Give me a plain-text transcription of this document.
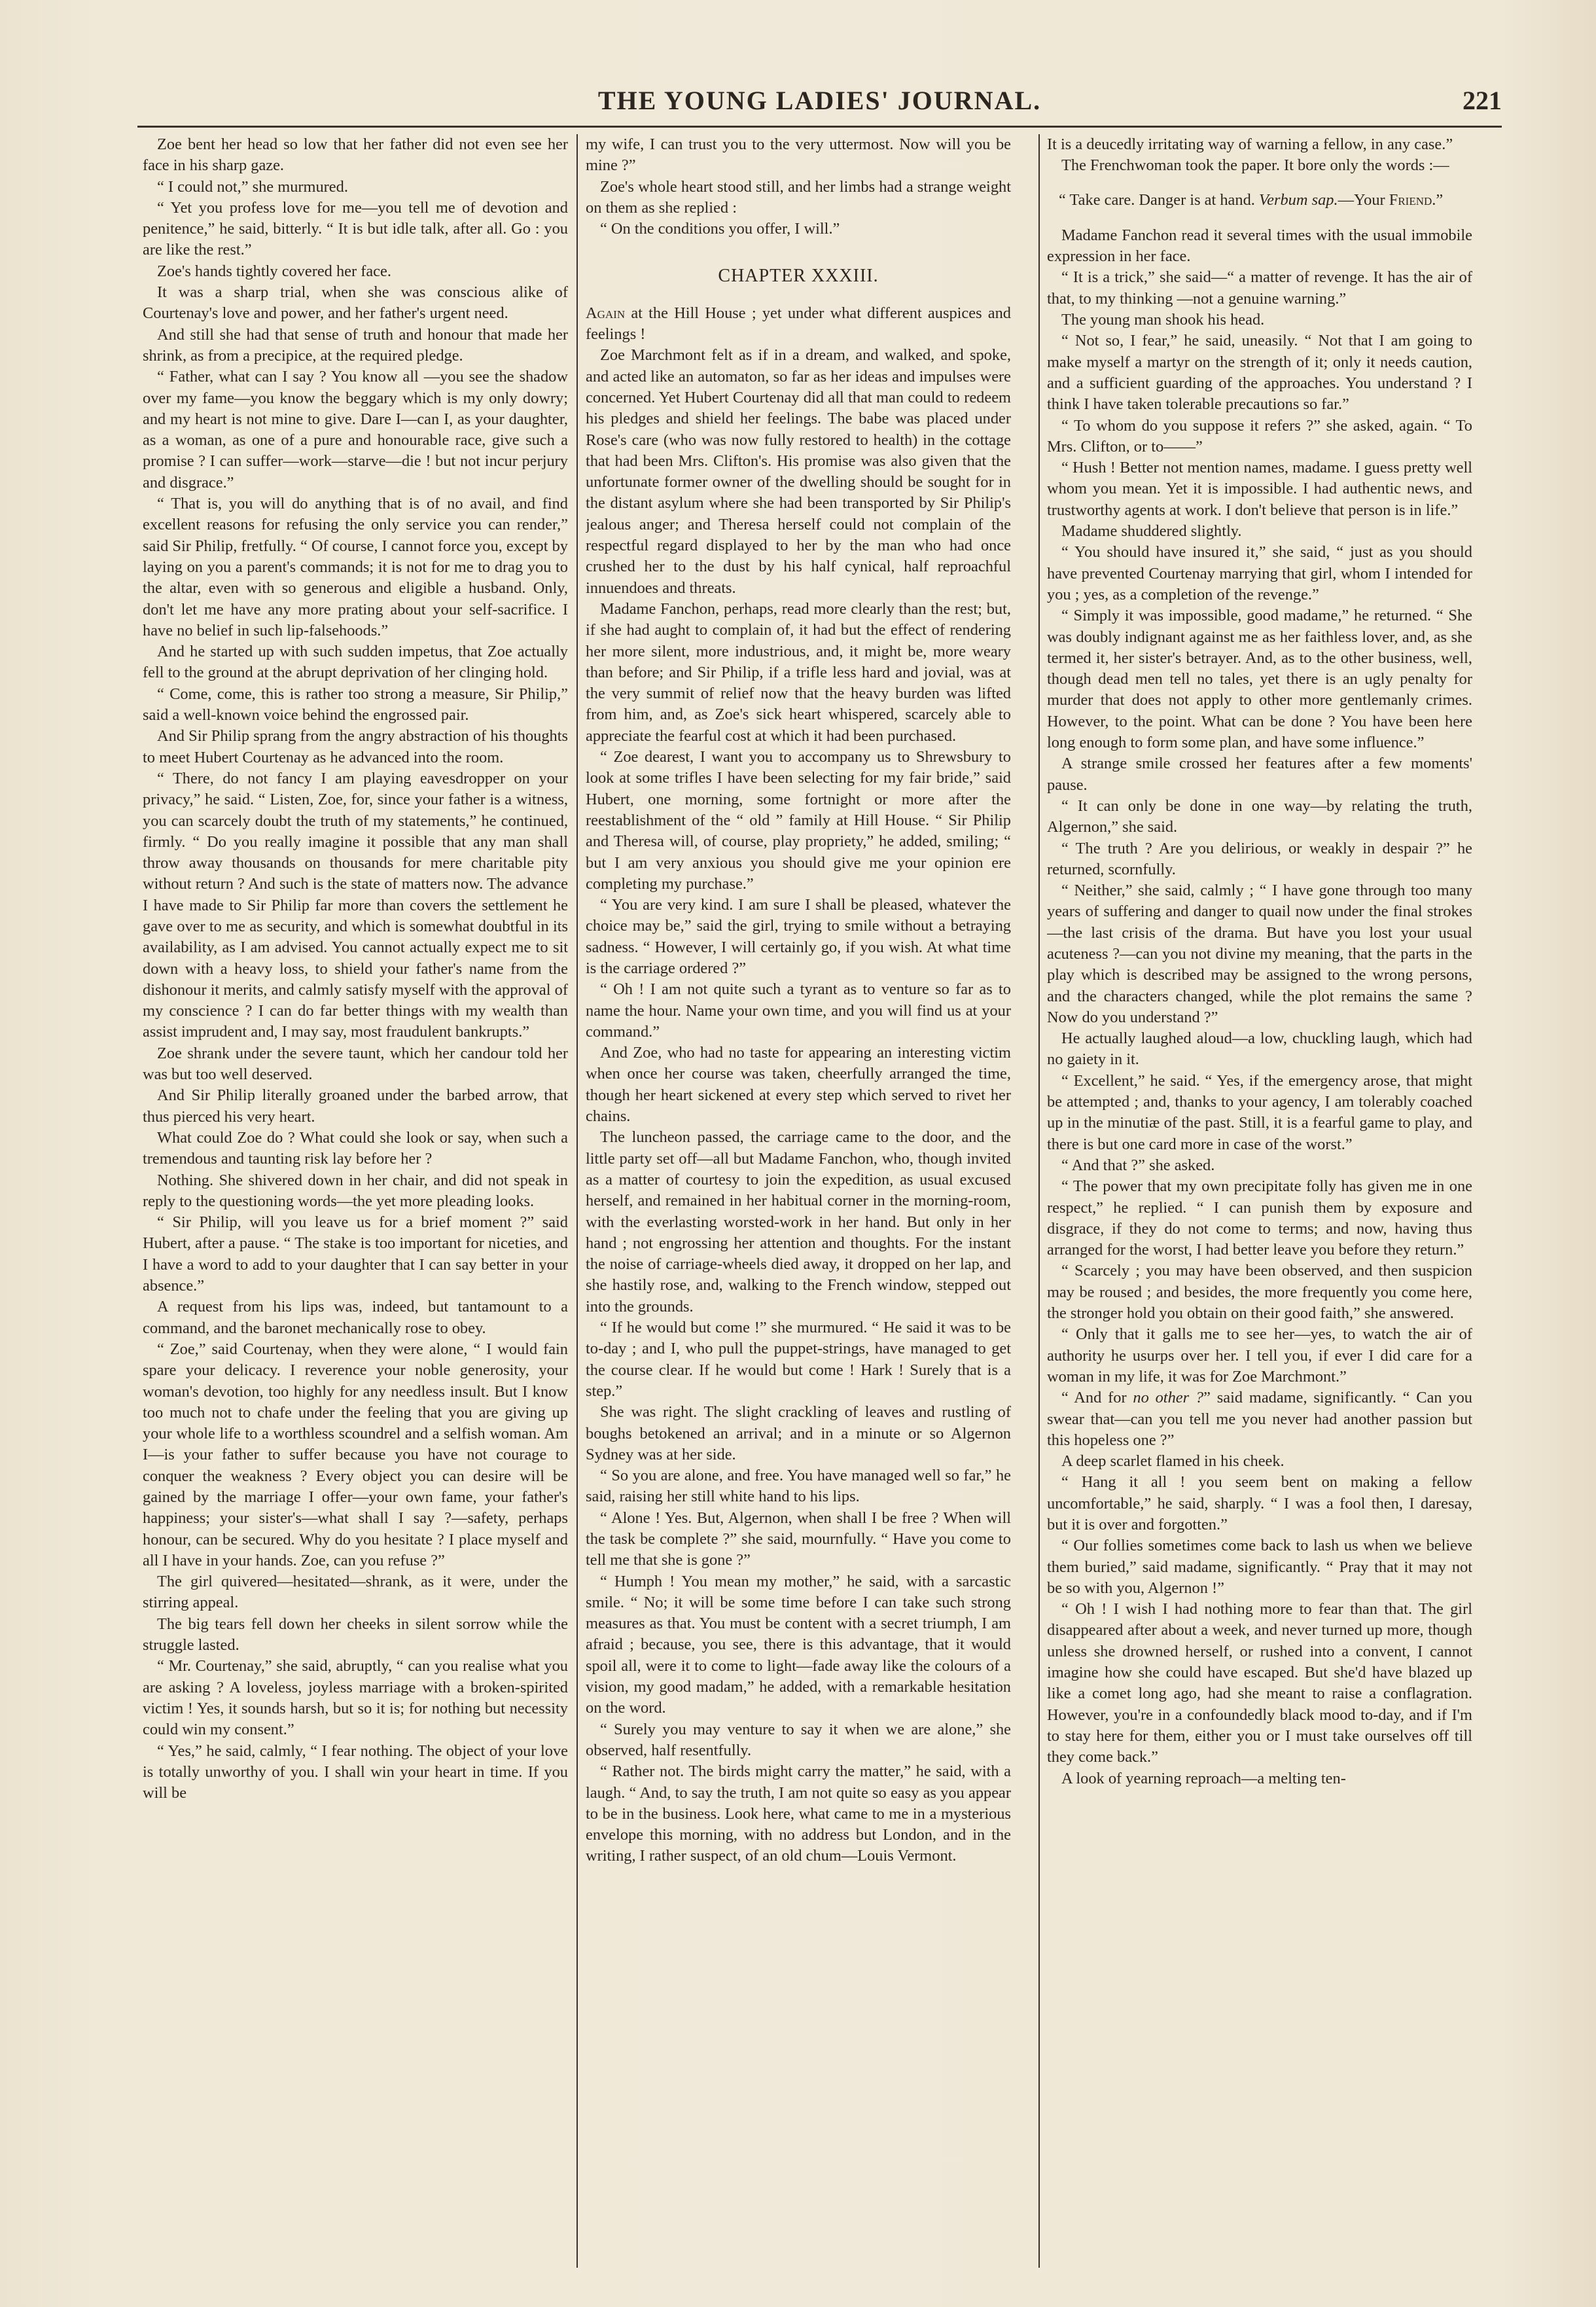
THE YOUNG LADIES' JOURNAL.	221

Zoe bent her head so low that her father did not even see her face in his sharp gaze.

“ I could not,” she murmured.

“ Yet you profess love for me—you tell me of devotion and penitence,” he said, bitterly. “ It is but idle talk, after all. Go : you are like the rest.”

Zoe's hands tightly covered her face.

It was a sharp trial, when she was conscious alike of Courtenay's love and power, and her father's urgent need.

And still she had that sense of truth and honour that made her shrink, as from a precipice, at the required pledge.

“ Father, what can I say ? You know all —you see the shadow over my fame—you know the beggary which is my only dowry; and my heart is not mine to give. Dare I—can I, as your daughter, as a woman, as one of a pure and honourable race, give such a promise ? I can suffer—work—starve—die ! but not incur perjury and disgrace.”

“ That is, you will do anything that is of no avail, and find excellent reasons for refusing the only service you can render,” said Sir Philip, fretfully. “ Of course, I cannot force you, except by laying on you a parent's commands; it is not for me to drag you to the altar, even with so generous and eligible a husband. Only, don't let me have any more prating about your self-sacrifice. I have no belief in such lip-falsehoods.”

And he started up with such sudden impetus, that Zoe actually fell to the ground at the abrupt deprivation of her clinging hold.

“ Come, come, this is rather too strong a measure, Sir Philip,” said a well-known voice behind the engrossed pair.

And Sir Philip sprang from the angry abstraction of his thoughts to meet Hubert Courtenay as he advanced into the room.

“ There, do not fancy I am playing eavesdropper on your privacy,” he said. “ Listen, Zoe, for, since your father is a witness, you can scarcely doubt the truth of my statements,” he continued, firmly. “ Do you really imagine it possible that any man shall throw away thousands on thousands for mere charitable pity without return ? And such is the state of matters now. The advance I have made to Sir Philip far more than covers the settlement he gave over to me as security, and which is somewhat doubtful in its availability, as I am advised. You cannot actually expect me to sit down with a heavy loss, to shield your father's name from the dishonour it merits, and calmly satisfy myself with the approval of my conscience ? I can do far better things with my wealth than assist imprudent and, I may say, most fraudulent bankrupts.”

Zoe shrank under the severe taunt, which her candour told her was but too well deserved.

And Sir Philip literally groaned under the barbed arrow, that thus pierced his very heart.

What could Zoe do ? What could she look or say, when such a tremendous and taunting risk lay before her ?

Nothing. She shivered down in her chair, and did not speak in reply to the questioning words—the yet more pleading looks.

“ Sir Philip, will you leave us for a brief moment ?” said Hubert, after a pause. “ The stake is too important for niceties, and I have a word to add to your daughter that I can say better in your absence.”

A request from his lips was, indeed, but tantamount to a command, and the baronet mechanically rose to obey.

“ Zoe,” said Courtenay, when they were alone, “ I would fain spare your delicacy. I reverence your noble generosity, your woman's devotion, too highly for any needless insult. But I know too much not to chafe under the feeling that you are giving up your whole life to a worthless scoundrel and a selfish woman. Am I—is your father to suffer because you have not courage to conquer the weakness ? Every object you can desire will be gained by the marriage I offer—your own fame, your father's happiness; your sister's—what shall I say ?—safety, perhaps honour, can be secured. Why do you hesitate ? I place myself and all I have in your hands. Zoe, can you refuse ?”

The girl quivered—hesitated—shrank, as it were, under the stirring appeal.

The big tears fell down her cheeks in silent sorrow while the struggle lasted.

“ Mr. Courtenay,” she said, abruptly, “ can you realise what you are asking ? A loveless, joyless marriage with a broken-spirited victim ! Yes, it sounds harsh, but so it is; for nothing but necessity could win my consent.”

“ Yes,” he said, calmly, “ I fear nothing. The object of your love is totally unworthy of you. I shall win your heart in time. If you will be

my wife, I can trust you to the very uttermost. Now will you be mine ?”

Zoe's whole heart stood still, and her limbs had a strange weight on them as she replied :

“ On the conditions you offer, I will.”

CHAPTER XXXIII.

Again at the Hill House ; yet under what different auspices and feelings !

Zoe Marchmont felt as if in a dream, and walked, and spoke, and acted like an automaton, so far as her ideas and impulses were concerned. Yet Hubert Courtenay did all that man could to redeem his pledges and shield her feelings. The babe was placed under Rose's care (who was now fully restored to health) in the cottage that had been Mrs. Clifton's. His promise was also given that the unfortunate former owner of the dwelling should be sought for in the distant asylum where she had been transported by Sir Philip's jealous anger; and Theresa herself could not complain of the respectful regard displayed to her by the man who had once crushed her to the dust by his half cynical, half reproachful innuendoes and threats.

Madame Fanchon, perhaps, read more clearly than the rest; but, if she had aught to complain of, it had but the effect of rendering her more silent, more industrious, and, it might be, more weary than before; and Sir Philip, if a trifle less hard and jovial, was at the very summit of relief now that the heavy burden was lifted from him, and, as Zoe's sick heart whispered, scarcely able to appreciate the fearful cost at which it had been purchased.

“ Zoe dearest, I want you to accompany us to Shrewsbury to look at some trifles I have been selecting for my fair bride,” said Hubert, one morning, some fortnight or more after the reestablishment of the “ old ” family at Hill House. “ Sir Philip and Theresa will, of course, play propriety,” he added, smiling; “ but I am very anxious you should give me your opinion ere completing my purchase.”

“ You are very kind. I am sure I shall be pleased, whatever the choice may be,” said the girl, trying to smile without a betraying sadness. “ However, I will certainly go, if you wish. At what time is the carriage ordered ?”

“ Oh ! I am not quite such a tyrant as to venture so far as to name the hour. Name your own time, and you will find us at your command.”

And Zoe, who had no taste for appearing an interesting victim when once her course was taken, cheerfully arranged the time, though her heart sickened at every step which served to rivet her chains.

The luncheon passed, the carriage came to the door, and the little party set off—all but Madame Fanchon, who, though invited as a matter of courtesy to join the expedition, as usual excused herself, and remained in her habitual corner in the morning-room, with the everlasting worsted-work in her hand. But only in her hand ; not engrossing her attention and thoughts. For the instant the noise of carriage-wheels died away, it dropped on her lap, and she hastily rose, and, walking to the French window, stepped out into the grounds.

“ If he would but come !” she murmured. “ He said it was to be to-day ; and I, who pull the puppet-strings, have managed to get the course clear. If he would but come ! Hark ! Surely that is a step.”

She was right. The slight crackling of leaves and rustling of boughs betokened an arrival; and in a minute or so Algernon Sydney was at her side.

“ So you are alone, and free. You have managed well so far,” he said, raising her still white hand to his lips.

“ Alone ! Yes. But, Algernon, when shall I be free ? When will the task be complete ?” she said, mournfully. “ Have you come to tell me that she is gone ?”

“ Humph ! You mean my mother,” he said, with a sarcastic smile. “ No; it will be some time before I can take such strong measures as that. You must be content with a secret triumph, I am afraid ; because, you see, there is this advantage, that it would spoil all, were it to come to light—fade away like the colours of a vision, my good madam,” he added, with a remarkable hesitation on the word.

“ Surely you may venture to say it when we are alone,” she observed, half resentfully.

“ Rather not. The birds might carry the matter,” he said, with a laugh. “ And, to say the truth, I am not quite so easy as you appear to be in the business. Look here, what came to me in a mysterious envelope this morning, with no address but London, and in the writing, I rather suspect, of an old chum—Louis Vermont.

It is a deucedly irritating way of warning a fellow, in any case.”

The Frenchwoman took the paper. It bore only the words :—

“ Take care. Danger is at hand. Verbum sap.—Your Friend.”

Madame Fanchon read it several times with the usual immobile expression in her face.

“ It is a trick,” she said—“ a matter of revenge. It has the air of that, to my thinking —not a genuine warning.”

The young man shook his head.

“ Not so, I fear,” he said, uneasily. “ Not that I am going to make myself a martyr on the strength of it; only it needs caution, and a sufficient guarding of the approaches. You understand ? I think I have taken tolerable precautions so far.”

“ To whom do you suppose it refers ?” she asked, again. “ To Mrs. Clifton, or to——”

“ Hush ! Better not mention names, madame. I guess pretty well whom you mean. Yet it is impossible. I had authentic news, and trustworthy agents at work. I don't believe that person is in life.”

Madame shuddered slightly.

“ You should have insured it,” she said, “ just as you should have prevented Courtenay marrying that girl, whom I intended for you ; yes, as a completion of the revenge.”

“ Simply it was impossible, good madame,” he returned. “ She was doubly indignant against me as her faithless lover, and, as she termed it, her sister's betrayer. And, as to the other business, well, though dead men tell no tales, yet there is an ugly penalty for murder that does not apply to other more gentlemanly crimes. However, to the point. What can be done ? You have been here long enough to form some plan, and have some influence.”

A strange smile crossed her features after a few moments' pause.

“ It can only be done in one way—by relating the truth, Algernon,” she said.

“ The truth ? Are you delirious, or weakly in despair ?” he returned, scornfully.

“ Neither,” she said, calmly ; “ I have gone through too many years of suffering and danger to quail now under the final strokes—the last crisis of the drama. But have you lost your usual acuteness ?—can you not divine my meaning, that the parts in the play which is described may be assigned to the wrong persons, and the characters changed, while the plot remains the same ? Now do you understand ?”

He actually laughed aloud—a low, chuckling laugh, which had no gaiety in it.

“ Excellent,” he said. “ Yes, if the emergency arose, that might be attempted ; and, thanks to your agency, I am tolerably coached up in the minutiæ of the past. Still, it is a fearful game to play, and there is but one card more in case of the worst.”

“ And that ?” she asked.

“ The power that my own precipitate folly has given me in one respect,” he replied. “ I can punish them by exposure and disgrace, if they do not come to terms; and now, having thus arranged for the worst, I had better leave you before they return.”

“ Scarcely ; you may have been observed, and then suspicion may be roused ; and besides, the more frequently you come here, the stronger hold you obtain on their good faith,” she answered.

“ Only that it galls me to see her—yes, to watch the air of authority he usurps over her. I tell you, if ever I did care for a woman in my life, it was for Zoe Marchmont.”

“ And for no other ?” said madame, significantly. “ Can you swear that—can you tell me you never had another passion but this hopeless one ?”

A deep scarlet flamed in his cheek.

“ Hang it all ! you seem bent on making a fellow uncomfortable,” he said, sharply. “ I was a fool then, I daresay, but it is over and forgotten.”

“ Our follies sometimes come back to lash us when we believe them buried,” said madame, significantly. “ Pray that it may not be so with you, Algernon !”

“ Oh ! I wish I had nothing more to fear than that. The girl disappeared after about a week, and never turned up more, though unless she drowned herself, or rushed into a convent, I cannot imagine how she could have escaped. But she'd have blazed up like a comet long ago, had she meant to raise a conflagration. However, you're in a confoundedly black mood to-day, and if I'm to stay here for them, either you or I must take ourselves off till they come back.”

A look of yearning reproach—a melting ten-
